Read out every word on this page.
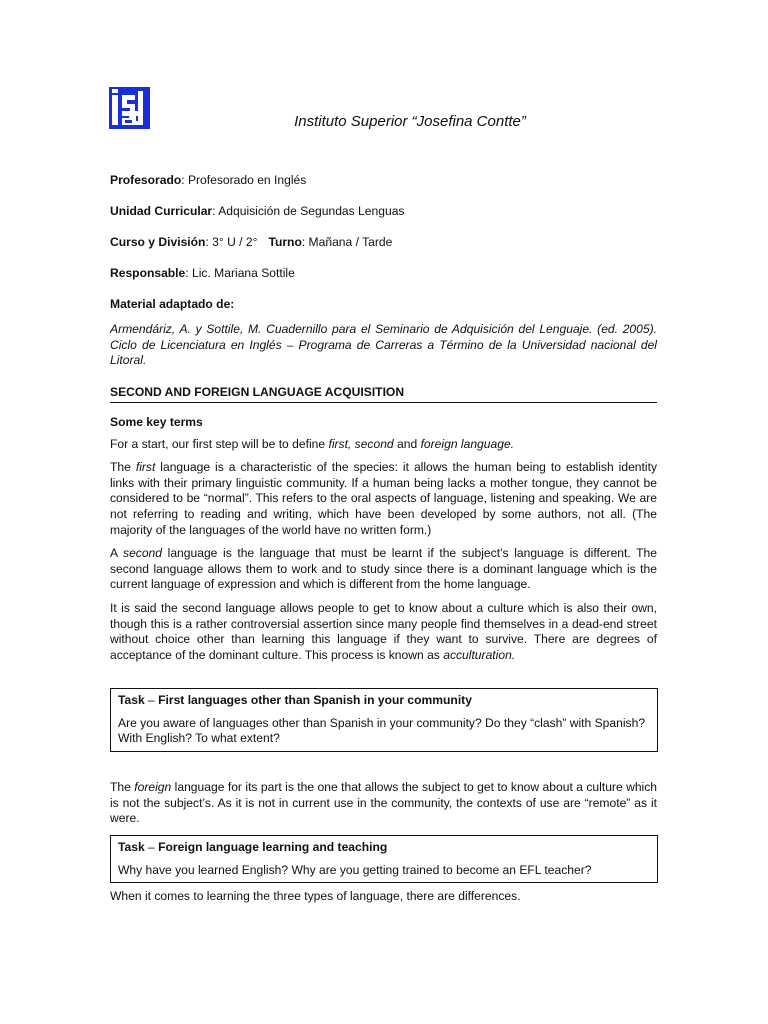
Instituto Superior “Josefina Contte”
Profesorado: Profesorado en Inglés
Unidad Curricular: Adquisición de Segundas Lenguas
Curso y División: 3° U / 2° Turno: Mañana / Tarde
Responsable: Lic. Mariana Sottile
Material adaptado de:
Armendáriz, A. y Sottile, M. Cuadernillo para el Seminario de Adquisición del Lenguaje. (ed. 2005). Ciclo de Licenciatura en Inglés – Programa de Carreras a Término de la Universidad nacional del Litoral.
SECOND AND FOREIGN LANGUAGE ACQUISITION
Some key terms
For a start, our first step will be to define first, second and foreign language.
The first language is a characteristic of the species: it allows the human being to establish identity links with their primary linguistic community. If a human being lacks a mother tongue, they cannot be considered to be “normal”. This refers to the oral aspects of language, listening and speaking. We are not referring to reading and writing, which have been developed by some authors, not all. (The majority of the languages of the world have no written form.)
A second language is the language that must be learnt if the subject’s language is different. The second language allows them to work and to study since there is a dominant language which is the current language of expression and which is different from the home language.
It is said the second language allows people to get to know about a culture which is also their own, though this is a rather controversial assertion since many people find themselves in a dead-end street without choice other than learning this language if they want to survive. There are degrees of acceptance of the dominant culture. This process is known as acculturation.
Task – First languages other than Spanish in your community
Are you aware of languages other than Spanish in your community? Do they “clash” with Spanish? With English? To what extent?
The foreign language for its part is the one that allows the subject to get to know about a culture which is not the subject’s. As it is not in current use in the community, the contexts of use are “remote” as it were.
Task – Foreign language learning and teaching
Why have you learned English? Why are you getting trained to become an EFL teacher?
When it comes to learning the three types of language, there are differences.
